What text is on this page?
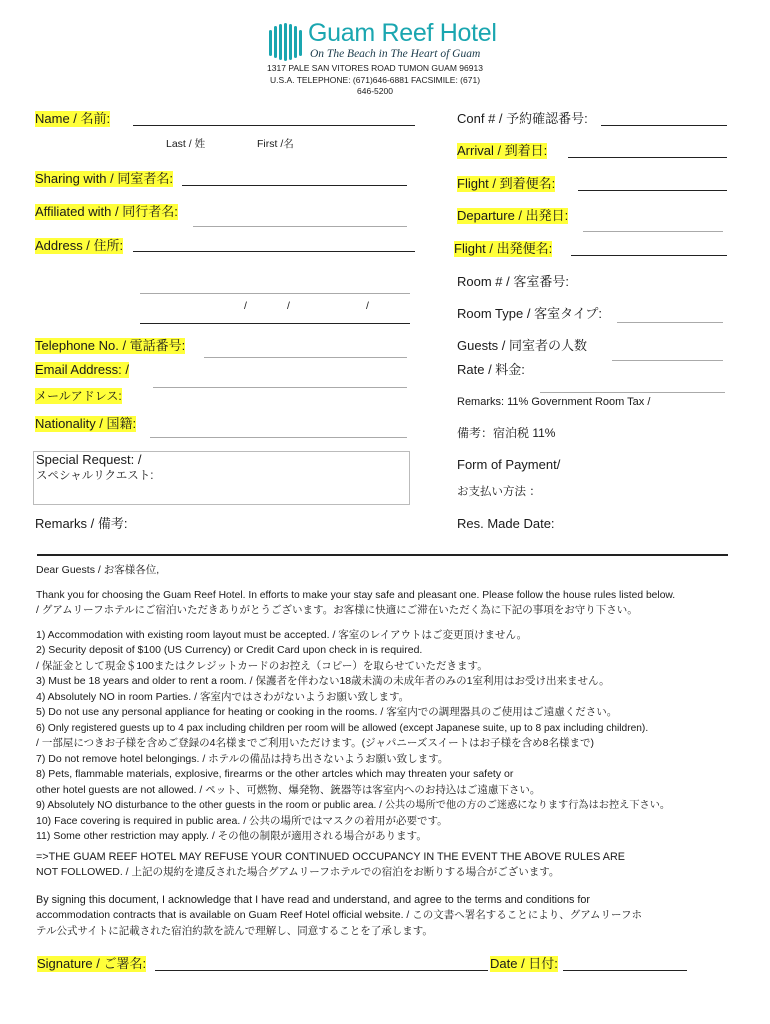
Guam Reef Hotel
On The Beach in The Heart of Guam
1317 PALE SAN VITORES ROAD TUMON GUAM 96913
U.S.A. TELEPHONE: (671)646-6881 FACSIMILE: (671)
646-5200
Name / 名前:
Last / 姓	First /名
Sharing with / 同室者名:
Affiliated with / 同行者名:
Address / 住所:
/	/	/
Telephone No. / 電話番号:
Email Address: /
メールアドレス:
Nationality / 国籍:
Special Request: /
スペシャルリクエスト:
Remarks / 備考:
Conf # / 予約確認番号:
Arrival / 到着日:
Flight / 到着便名:
Departure / 出発日:
Flight / 出発便名:
Room # / 客室番号:
Room Type / 客室タイプ:
Guests / 同室者の人数
Rate / 料金:
Remarks: 11% Government Room Tax /
備考：宿泊税 11%
Form of Payment/
お支払い方法 ：
Res. Made Date:
Dear Guests / お客様各位,
Thank you for choosing the Guam Reef Hotel. In efforts to make your stay safe and pleasant one. Please follow the house rules listed below.
/ グアムリーフホテルにご宿泊いただきありがとうございます。お客様に快適にご滞在いただく為に下記の事項をお守り下さい。
1) Accommodation with existing room layout must be accepted. / 客室のレイアウトはご変更頂けません。
2) Security deposit of $100 (US Currency) or Credit Card upon check in is required.
/ 保証金として現金＄100またはクレジットカードのお控え（コピー）を取らせていただきます。
3) Must be 18 years and older to rent a room. / 保護者を伴わない18歳未満の未成年者のみの1室利用はお受け出来ません。
4) Absolutely NO in room Parties. / 客室内ではさわがないようお願い致します。
5) Do not use any personal appliance for heating or cooking in the rooms. / 客室内での調理器具のご使用はご遠慮ください。
6) Only registered guests up to 4 pax including children per room will be allowed (except Japanese suite, up to 8 pax including children).
/ 一部屋につきお子様を含めご登録の4名様までご利用いただけます。(ジャパニーズスイートはお子様を含め8名様まで)
7) Do not remove hotel belongings. / ホテルの備品は持ち出さないようお願い致します。
8) Pets, flammable materials, explosive, firearms or the other artcles which may threaten your safety or
other hotel guests are not allowed. / ペット、可燃物、爆発物、銃器等は客室内へのお持込はご遠慮下さい。
9) Absolutely NO disturbance to the other guests in the room or public area. / 公共の場所で他の方のご迷惑になります行為はお控え下さい。
10) Face covering is required in public area. / 公共の場所ではマスクの着用が必要です。
11) Some other restriction may apply. / その他の制限が適用される場合があります。
=>THE GUAM REEF HOTEL MAY REFUSE YOUR CONTINUED OCCUPANCY IN THE EVENT THE ABOVE RULES ARE
NOT FOLLOWED. / 上記の規約を違反された場合グアムリーフホテルでの宿泊をお断りする場合がございます。
By signing this document, I acknowledge that I have read and understand, and agree to the terms and conditions for
accommodation contracts that is available on Guam Reef Hotel official website. / この文書へ署名することにより、グアムリーフホ
テル公式サイトに記載された宿泊約款を読んで理解し、同意することを了承します。
Signature / ご署名:	Date / 日付:
